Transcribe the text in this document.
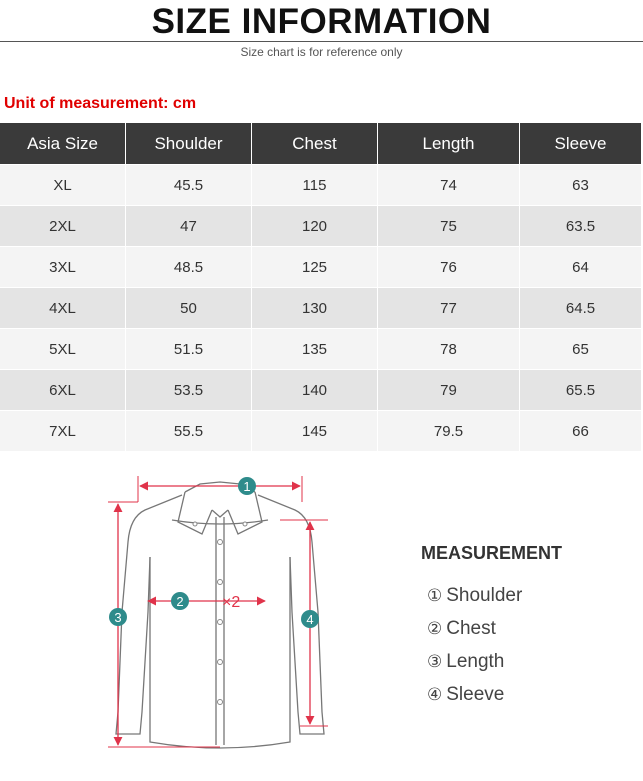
SIZE INFORMATION
Size chart is for reference only
Unit of measurement: cm
Asia Size	Shoulder	Chest	Length	Sleeve
XL	45.5	115	74	63
2XL	47	120	75	63.5
3XL	48.5	125	76	64
4XL	50	130	77	64.5
5XL	51.5	135	78	65
6XL	53.5	140	79	65.5
7XL	55.5	145	79.5	66
1
2 ×2
3	4
MEASUREMENT
① Shoulder
② Chest
③ Length
④ Sleeve
